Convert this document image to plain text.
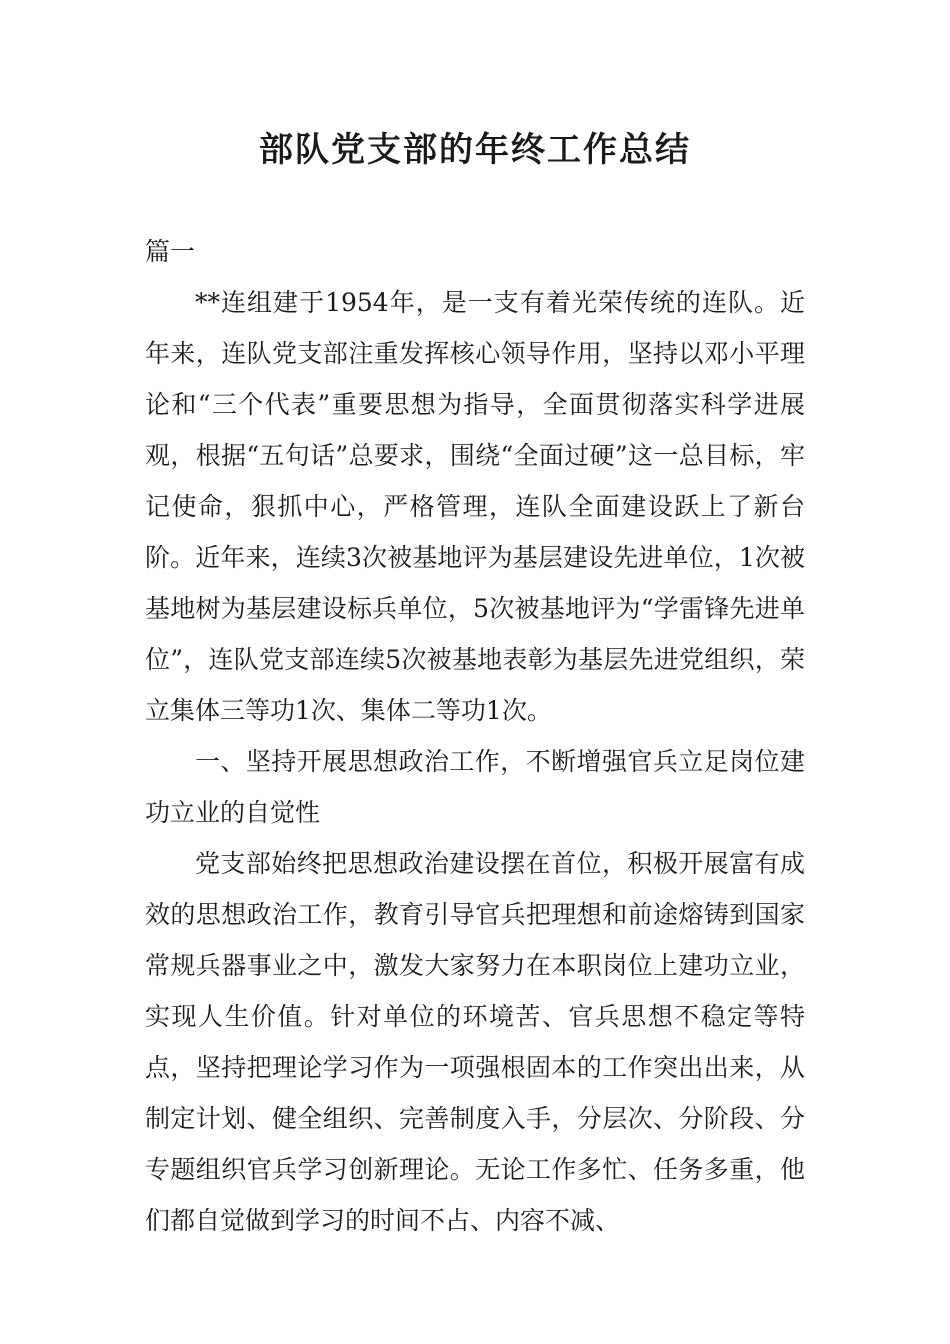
部队党支部的年终工作总结

篇一

**连组建于1954年，是一支有着光荣传统的连队。近年来，连队党支部注重发挥核心领导作用，坚持以邓小平理论和“三个代表”重要思想为指导，全面贯彻落实科学进展观，根据“五句话”总要求，围绕“全面过硬”这一总目标，牢记使命，狠抓中心，严格管理，连队全面建设跃上了新台阶。近年来，连续3次被基地评为基层建设先进单位，1次被基地树为基层建设标兵单位，5次被基地评为“学雷锋先进单位”，连队党支部连续5次被基地表彰为基层先进党组织，荣立集体三等功1次、集体二等功1次。

一、坚持开展思想政治工作，不断增强官兵立足岗位建功立业的自觉性

党支部始终把思想政治建设摆在首位，积极开展富有成效的思想政治工作，教育引导官兵把理想和前途熔铸到国家常规兵器事业之中，激发大家努力在本职岗位上建功立业，实现人生价值。针对单位的环境苦、官兵思想不稳定等特点，坚持把理论学习作为一项强根固本的工作突出出来，从制定计划、健全组织、完善制度入手，分层次、分阶段、分专题组织官兵学习创新理论。无论工作多忙、任务多重，他们都自觉做到学习的时间不占、内容不减、
